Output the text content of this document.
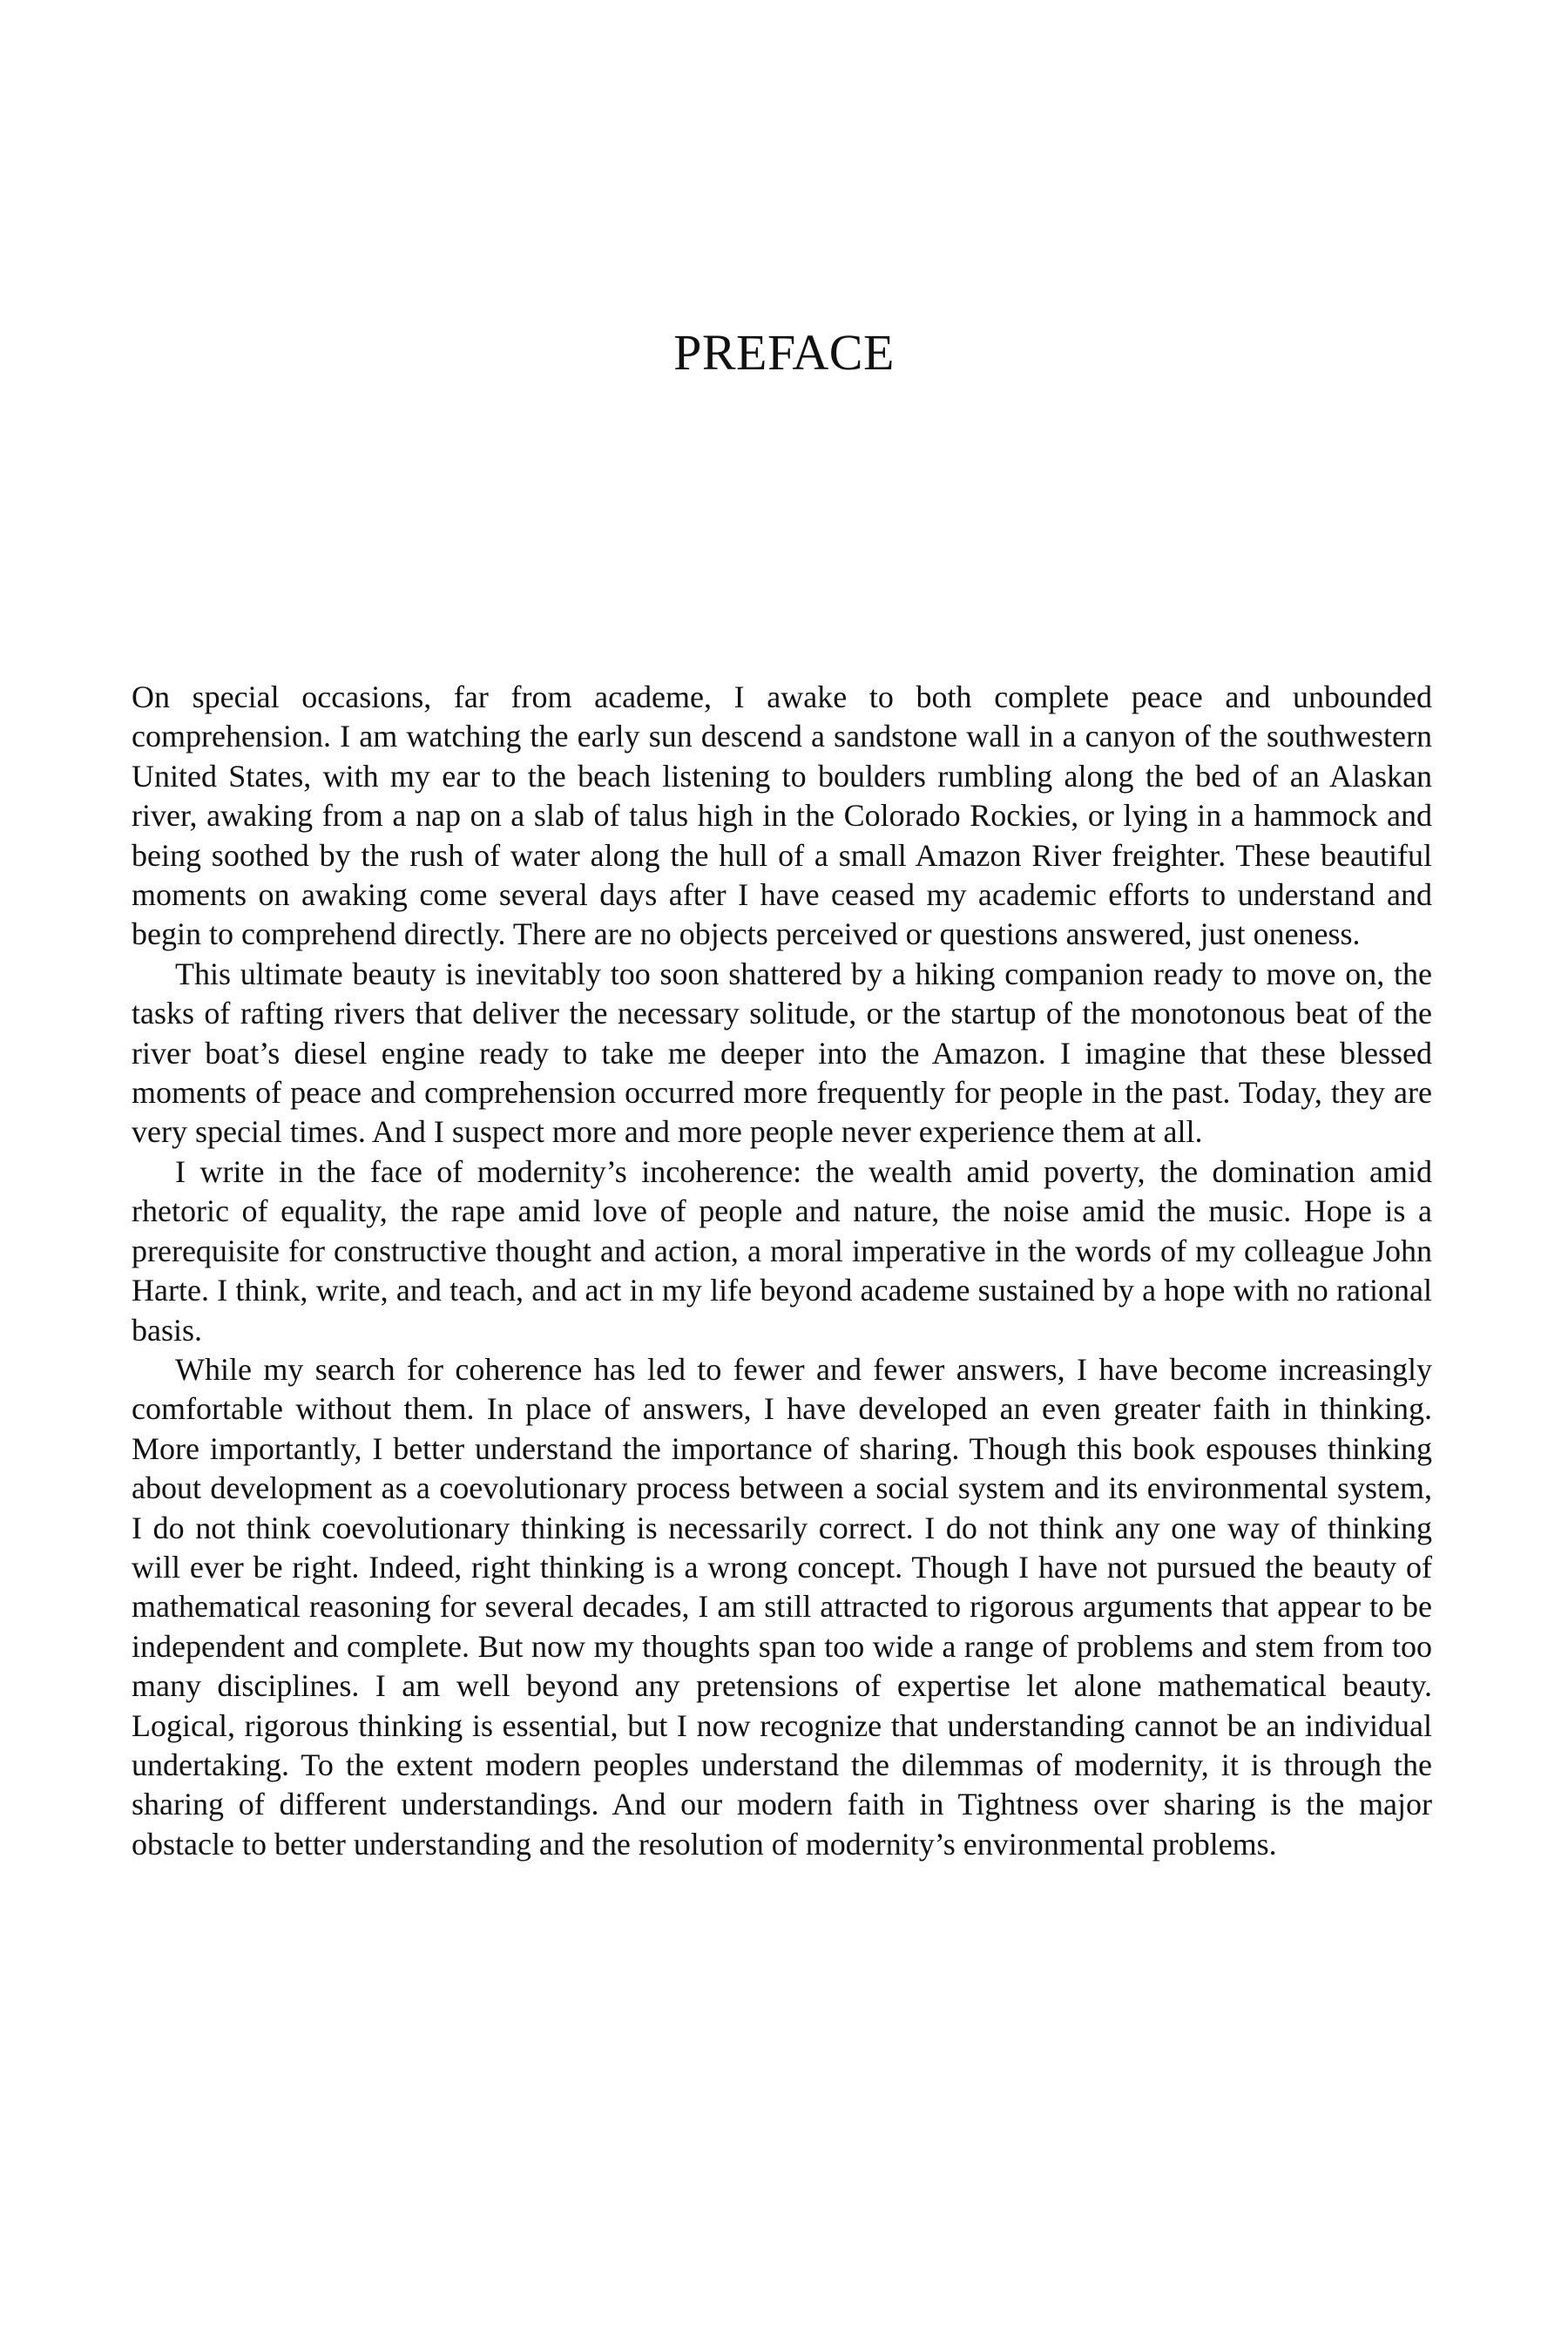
PREFACE

On special occasions, far from academe, I awake to both complete peace and unbounded comprehension. I am watching the early sun descend a sandstone wall in a canyon of the southwestern United States, with my ear to the beach listening to boulders rumbling along the bed of an Alaskan river, awaking from a nap on a slab of talus high in the Colorado Rockies, or lying in a hammock and being soothed by the rush of water along the hull of a small Amazon River freighter. These beautiful moments on awaking come several days after I have ceased my academic efforts to understand and begin to comprehend directly. There are no objects perceived or questions answered, just oneness.

This ultimate beauty is inevitably too soon shattered by a hiking companion ready to move on, the tasks of rafting rivers that deliver the necessary solitude, or the startup of the monotonous beat of the river boat’s diesel engine ready to take me deeper into the Amazon. I imagine that these blessed moments of peace and comprehension occurred more frequently for people in the past. Today, they are very special times. And I suspect more and more people never experience them at all.

I write in the face of modernity’s incoherence: the wealth amid poverty, the domination amid rhetoric of equality, the rape amid love of people and nature, the noise amid the music. Hope is a prerequisite for constructive thought and action, a moral imperative in the words of my colleague John Harte. I think, write, and teach, and act in my life beyond academe sustained by a hope with no rational basis.

While my search for coherence has led to fewer and fewer answers, I have become increasingly comfortable without them. In place of answers, I have developed an even greater faith in thinking. More importantly, I better understand the importance of sharing. Though this book espouses thinking about development as a coevolutionary process between a social system and its environmental system, I do not think coevolutionary thinking is necessarily correct. I do not think any one way of thinking will ever be right. Indeed, right thinking is a wrong concept. Though I have not pursued the beauty of mathematical reasoning for several decades, I am still attracted to rigorous arguments that appear to be independent and complete. But now my thoughts span too wide a range of problems and stem from too many disciplines. I am well beyond any pretensions of expertise let alone mathematical beauty. Logical, rigorous thinking is essential, but I now recognize that understanding cannot be an individual undertaking. To the extent modern peoples understand the dilemmas of modernity, it is through the sharing of different understandings. And our modern faith in Tightness over sharing is the major obstacle to better understanding and the resolution of modernity’s environmental problems.
